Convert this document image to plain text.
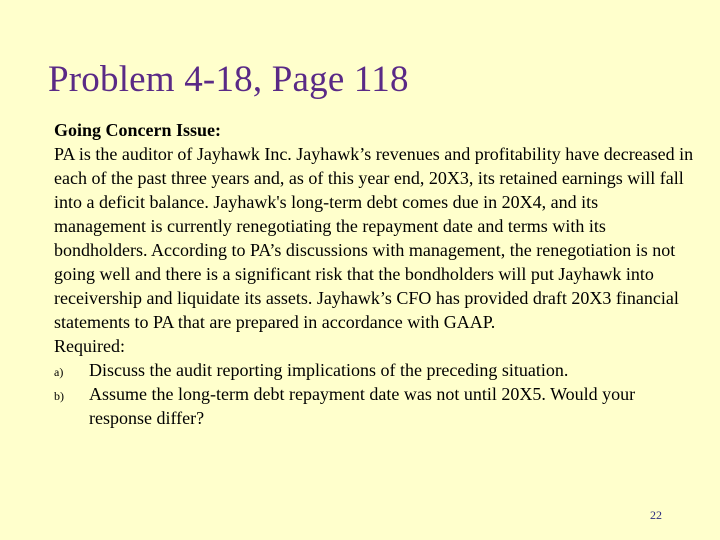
Problem 4-18, Page 118
Going Concern Issue:

PA is the auditor of Jayhawk Inc. Jayhawk’s revenues and profitability have decreased in each of the past three years and, as of this year end, 20X3, its retained earnings will fall into a deficit balance. Jayhawk's long-term debt comes due in 20X4, and its management is currently renegotiating the repayment date and terms with its bondholders. According to PA’s discussions with management, the renegotiation is not going well and there is a significant risk that the bondholders will put Jayhawk into receivership and liquidate its assets. Jayhawk’s CFO has provided draft 20X3 financial statements to PA that are prepared in accordance with GAAP.

Required:
a) Discuss the audit reporting implications of the preceding situation.
b) Assume the long-term debt repayment date was not until 20X5. Would your response differ?
22
